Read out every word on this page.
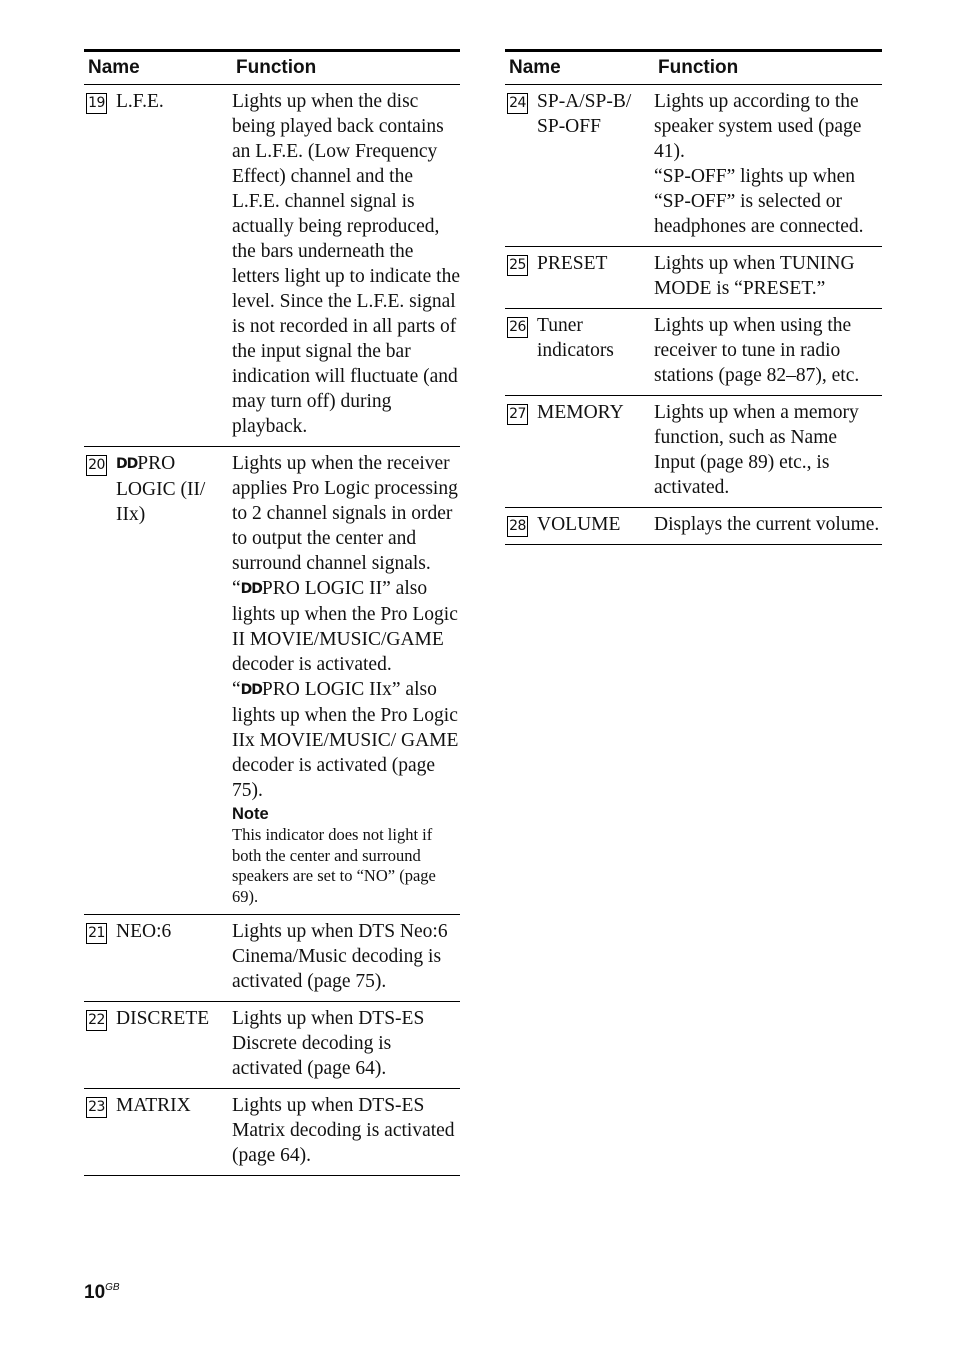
Name		Function
19	L.F.E.	Lights up when the disc being played back contains an L.F.E. (Low Frequency Effect) channel and the L.F.E. channel signal is actually being reproduced, the bars underneath the letters light up to indicate the level. Since the L.F.E. signal is not recorded in all parts of the input signal the bar indication will fluctuate (and may turn off) during playback.
20	DDPRO LOGIC (II/ IIx)	Lights up when the receiver applies Pro Logic processing to 2 channel signals in order to output the center and surround channel signals. “DDPRO LOGIC II” also lights up when the Pro Logic II MOVIE/MUSIC/GAME decoder is activated. “DDPRO LOGIC IIx” also lights up when the Pro Logic IIx MOVIE/MUSIC/ GAME decoder is activated (page 75).

Note
This indicator does not light if both the center and surround speakers are set to “NO” (page 69).

21	NEO:6	Lights up when DTS Neo:6 Cinema/Music decoding is activated (page 75).
22	DISCRETE	Lights up when DTS-ES Discrete decoding is activated (page 64).
23	MATRIX	Lights up when DTS-ES Matrix decoding is activated (page 64).
Name		Function
24	SP-A/SP-B/ SP-OFF	Lights up according to the speaker system used (page 41).

“SP-OFF” lights up when “SP-OFF” is selected or headphones are connected.

25	PRESET	Lights up when TUNING MODE is “PRESET.”
26	Tuner indicators	Lights up when using the receiver to tune in radio stations (page 82–87), etc.
27	MEMORY	Lights up when a memory function, such as Name Input (page 89) etc., is activated.
28	VOLUME	Displays the current volume.
$10^{GB}$
